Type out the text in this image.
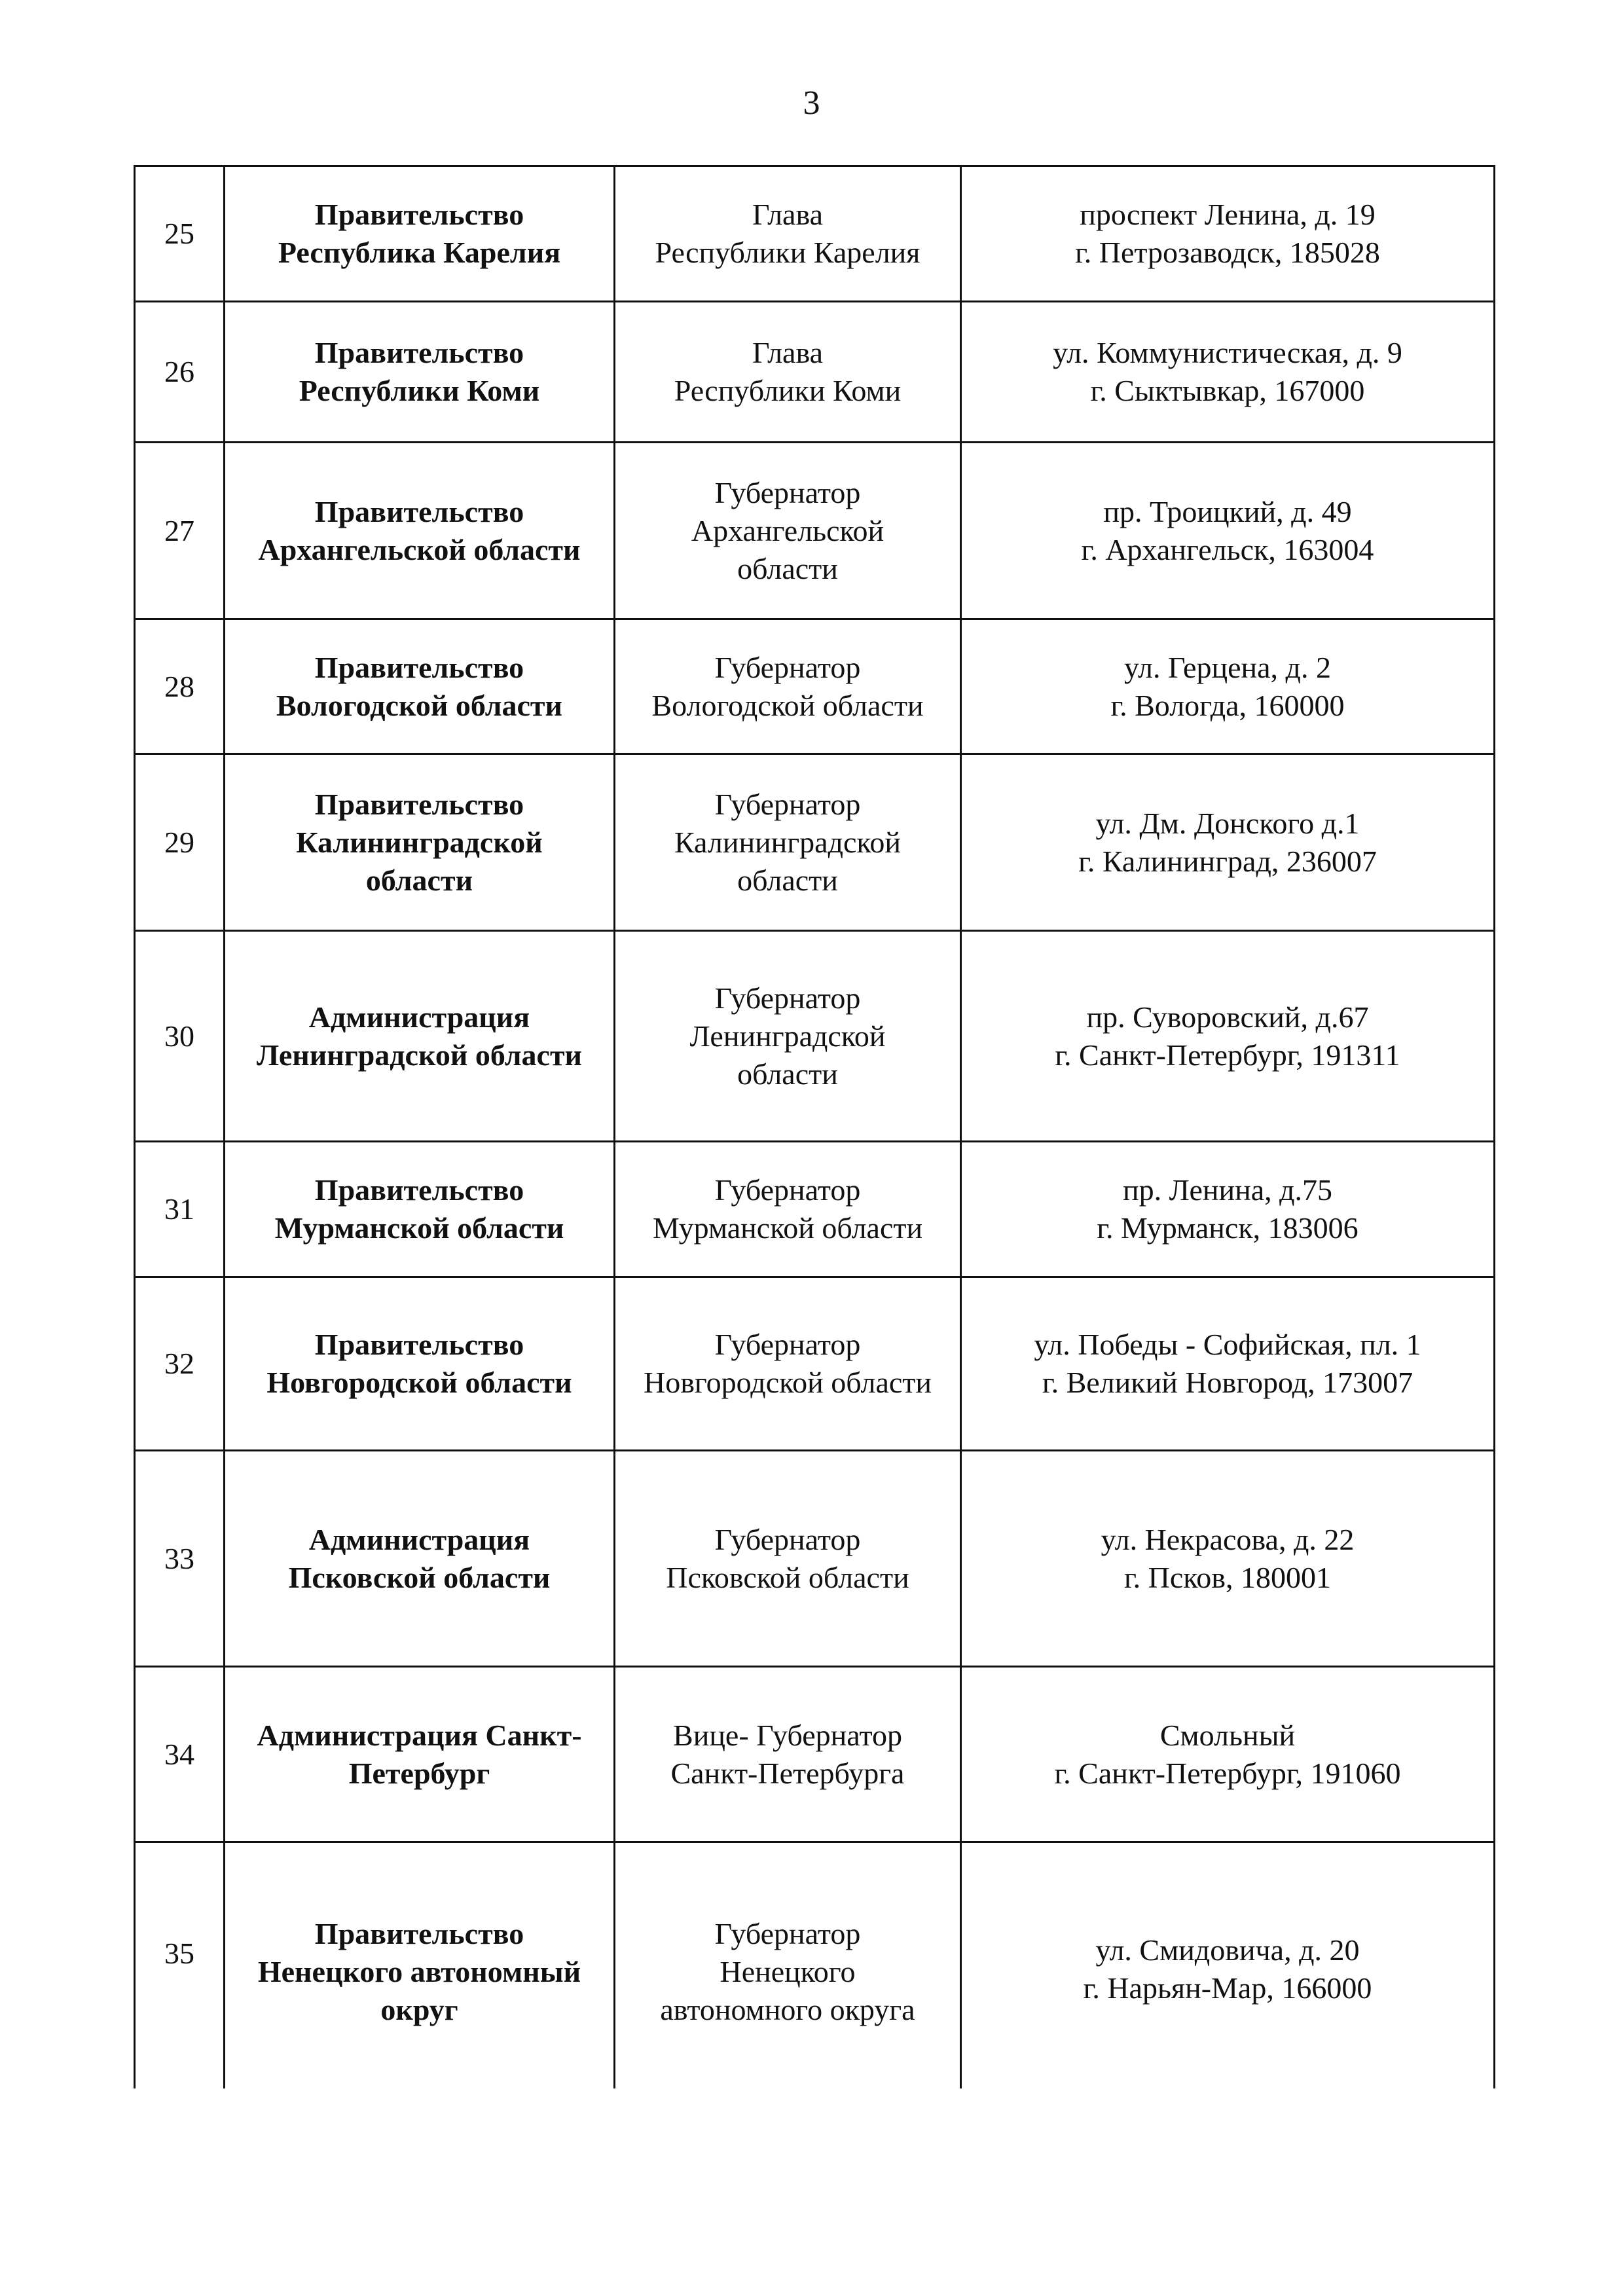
3
25
Правительство
Республика Карелия
Глава
Республики Карелия
проспект Ленина, д. 19
г. Петрозаводск, 185028
26
Правительство
Республики Коми
Глава
Республики Коми
ул. Коммунистическая, д. 9
г. Сыктывкар, 167000
27
Правительство
Архангельской области
Губернатор
Архангельской
области
пр. Троицкий, д. 49
г. Архангельск, 163004
28
Правительство
Вологодской области
Губернатор
Вологодской области
ул. Герцена, д. 2
г. Вологда, 160000
29
Правительство
Калининградской
области
Губернатор
Калининградской
области
ул. Дм. Донского д.1
г. Калининград, 236007
30
Администрация
Ленинградской области
Губернатор
Ленинградской
области
пр. Суворовский, д.67
г. Санкт-Петербург, 191311
31
Правительство
Мурманской области
Губернатор
Мурманской области
пр. Ленина, д.75
г. Мурманск, 183006
32
Правительство
Новгородской области
Губернатор
Новгородской области
ул. Победы - Софийская, пл. 1
г. Великий Новгород, 173007
33
Администрация
Псковской области
Губернатор
Псковской области
ул. Некрасова, д. 22
г. Псков, 180001
34
Администрация Санкт-
Петербург
Вице- Губернатор
Санкт-Петербурга
Смольный
г. Санкт-Петербург, 191060
35
Правительство
Ненецкого автономный
округ
Губернатор
Ненецкого
автономного округа
ул. Смидовича, д. 20
г. Нарьян-Мар, 166000
